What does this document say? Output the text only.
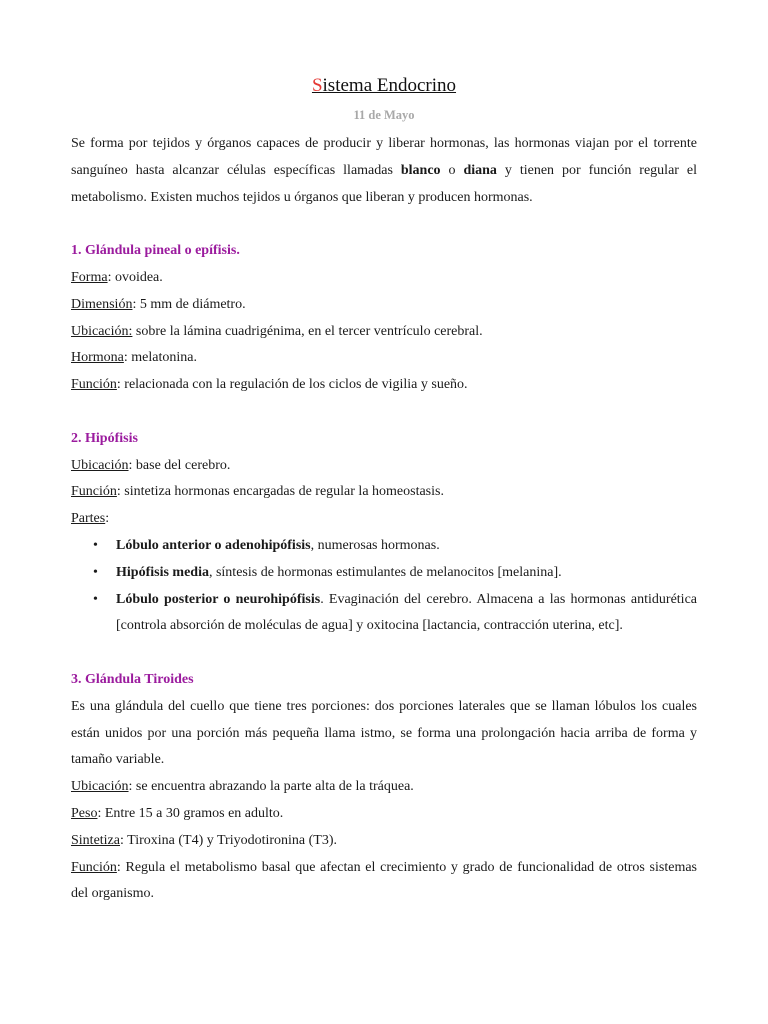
Sistema Endocrino
11 de Mayo

Se forma por tejidos y órganos capaces de producir y liberar hormonas, las hormonas viajan por el torrente sanguíneo hasta alcanzar células específicas llamadas blanco o diana y tienen por función regular el metabolismo. Existen muchos tejidos u órganos que liberan y producen hormonas.

1. Glándula pineal o epífisis.

Forma: ovoidea.

Dimensión: 5 mm de diámetro.

Ubicación: sobre la lámina cuadrigénima, en el tercer ventrículo cerebral.

Hormona: melatonina.

Función: relacionada con la regulación de los ciclos de vigilia y sueño.

2. Hipófisis

Ubicación: base del cerebro.

Función: sintetiza hormonas encargadas de regular la homeostasis.

Partes:

• Lóbulo anterior o adenohipófisis, numerosas hormonas.
• Hipófisis media, síntesis de hormonas estimulantes de melanocitos [melanina].
• Lóbulo posterior o neurohipófisis. Evaginación del cerebro. Almacena a las hormonas antidurética [controla absorción de moléculas de agua] y oxitocina [lactancia, contracción uterina, etc].

3. Glándula Tiroides

Es una glándula del cuello que tiene tres porciones: dos porciones laterales que se llaman lóbulos los cuales están unidos por una porción más pequeña llama istmo, se forma una prolongación hacia arriba de forma y tamaño variable.

Ubicación: se encuentra abrazando la parte alta de la tráquea.

Peso: Entre 15 a 30 gramos en adulto.

Sintetiza: Tiroxina (T4) y Triyodotironina (T3).

Función: Regula el metabolismo basal que afectan el crecimiento y grado de funcionalidad de otros sistemas del organismo.
